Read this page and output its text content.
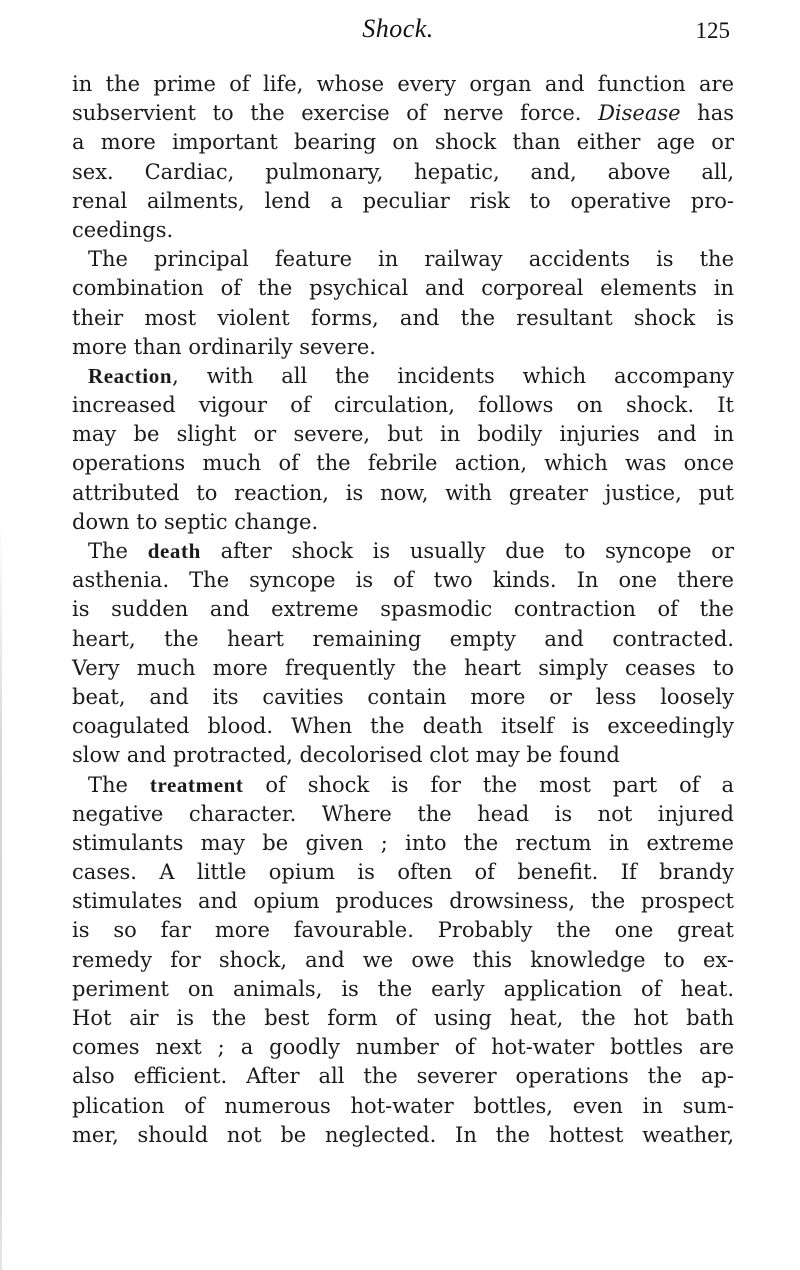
Shock.	125
in the prime of life, whose every organ and function are
subservient to the exercise of nerve force. Disease has
a more important bearing on shock than either age or
sex. Cardiac, pulmonary, hepatic, and, above all,
renal ailments, lend a peculiar risk to operative pro-
ceedings.
The principal feature in railway accidents is the
combination of the psychical and corporeal elements in
their most violent forms, and the resultant shock is
more than ordinarily severe.
Reaction, with all the incidents which accompany
increased vigour of circulation, follows on shock. It
may be slight or severe, but in bodily injuries and in
operations much of the febrile action, which was once
attributed to reaction, is now, with greater justice, put
down to septic change.
The death after shock is usually due to syncope or
asthenia. The syncope is of two kinds. In one there
is sudden and extreme spasmodic contraction of the
heart, the heart remaining empty and contracted.
Very much more frequently the heart simply ceases to
beat, and its cavities contain more or less loosely
coagulated blood. When the death itself is exceedingly
slow and protracted, decolorised clot may be found
The treatment of shock is for the most part of a
negative character. Where the head is not injured
stimulants may be given ; into the rectum in extreme
cases. A little opium is often of benefit. If brandy
stimulates and opium produces drowsiness, the prospect
is so far more favourable. Probably the one great
remedy for shock, and we owe this knowledge to ex-
periment on animals, is the early application of heat.
Hot air is the best form of using heat, the hot bath
comes next ; a goodly number of hot-water bottles are
also efficient. After all the severer operations the ap-
plication of numerous hot-water bottles, even in sum-
mer, should not be neglected. In the hottest weather,
